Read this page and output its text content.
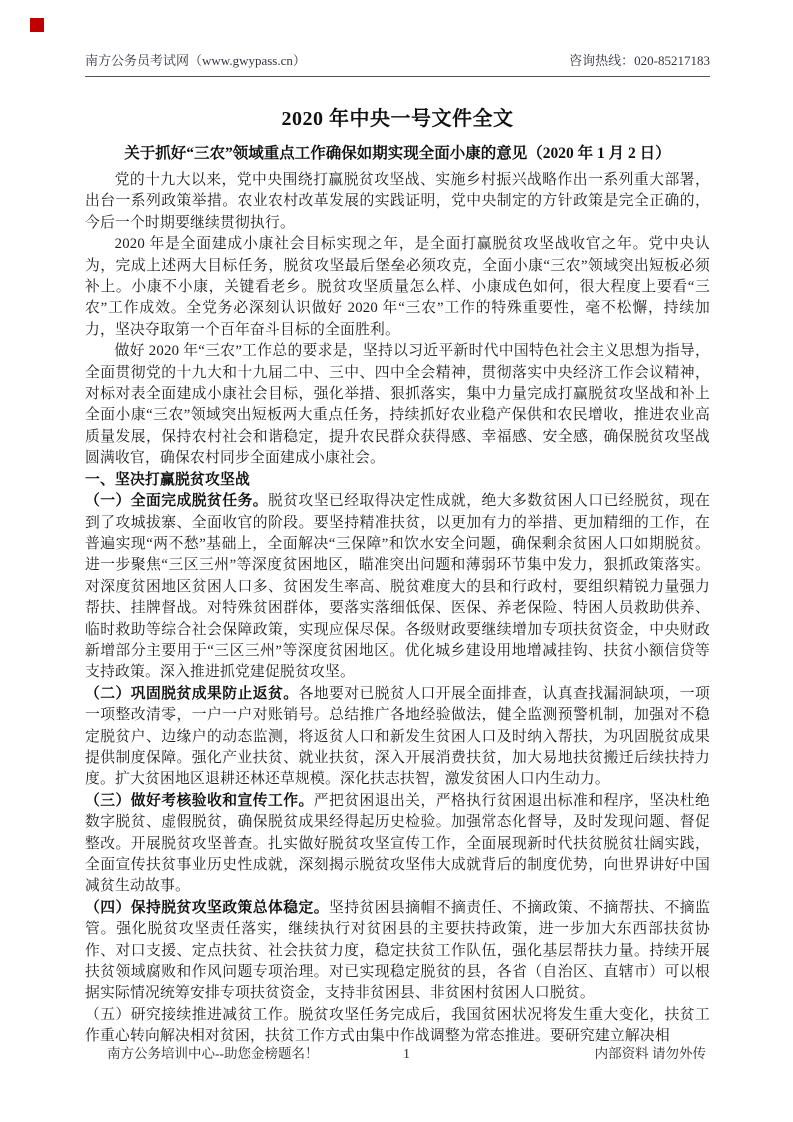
南方公务员考试网（www.gwypass.cn）	咨询热线：020-85217183
2020 年中央一号文件全文
关于抓好“三农”领域重点工作确保如期实现全面小康的意见（2020 年 1 月 2 日）

党的十九大以来，党中央围绕打赢脱贫攻坚战、实施乡村振兴战略作出一系列重大部署，出台一系列政策举措。农业农村改革发展的实践证明，党中央制定的方针政策是完全正确的，今后一个时期要继续贯彻执行。

2020 年是全面建成小康社会目标实现之年，是全面打赢脱贫攻坚战收官之年。党中央认为，完成上述两大目标任务，脱贫攻坚最后堡垒必须攻克，全面小康“三农”领域突出短板必须补上。小康不小康，关键看老乡。脱贫攻坚质量怎么样、小康成色如何，很大程度上要看“三农”工作成效。全党务必深刻认识做好 2020 年“三农”工作的特殊重要性，毫不松懈，持续加力，坚决夺取第一个百年奋斗目标的全面胜利。

做好 2020 年“三农”工作总的要求是，坚持以习近平新时代中国特色社会主义思想为指导，全面贯彻党的十九大和十九届二中、三中、四中全会精神，贯彻落实中央经济工作会议精神，对标对表全面建成小康社会目标，强化举措、狠抓落实，集中力量完成打赢脱贫攻坚战和补上全面小康“三农”领域突出短板两大重点任务，持续抓好农业稳产保供和农民增收，推进农业高质量发展，保持农村社会和谐稳定，提升农民群众获得感、幸福感、安全感，确保脱贫攻坚战圆满收官，确保农村同步全面建成小康社会。

一、坚决打赢脱贫攻坚战

（一）全面完成脱贫任务。脱贫攻坚已经取得决定性成就，绝大多数贫困人口已经脱贫，现在到了攻城拔寨、全面收官的阶段。要坚持精准扶贫，以更加有力的举措、更加精细的工作，在普遍实现“两不愁”基础上，全面解决“三保障”和饮水安全问题，确保剩余贫困人口如期脱贫。进一步聚焦“三区三州”等深度贫困地区，瞄准突出问题和薄弱环节集中发力，狠抓政策落实。对深度贫困地区贫困人口多、贫困发生率高、脱贫难度大的县和行政村，要组织精锐力量强力帮扶、挂牌督战。对特殊贫困群体，要落实落细低保、医保、养老保险、特困人员救助供养、临时救助等综合社会保障政策，实现应保尽保。各级财政要继续增加专项扶贫资金，中央财政新增部分主要用于“三区三州”等深度贫困地区。优化城乡建设用地增减挂钩、扶贫小额信贷等支持政策。深入推进抓党建促脱贫攻坚。

（二）巩固脱贫成果防止返贫。各地要对已脱贫人口开展全面排查，认真查找漏洞缺项，一项一项整改清零，一户一户对账销号。总结推广各地经验做法，健全监测预警机制，加强对不稳定脱贫户、边缘户的动态监测，将返贫人口和新发生贫困人口及时纳入帮扶，为巩固脱贫成果提供制度保障。强化产业扶贫、就业扶贫，深入开展消费扶贫，加大易地扶贫搬迁后续扶持力度。扩大贫困地区退耕还林还草规模。深化扶志扶智，激发贫困人口内生动力。

（三）做好考核验收和宣传工作。严把贫困退出关，严格执行贫困退出标准和程序，坚决杜绝数字脱贫、虚假脱贫，确保脱贫成果经得起历史检验。加强常态化督导，及时发现问题、督促整改。开展脱贫攻坚普查。扎实做好脱贫攻坚宣传工作，全面展现新时代扶贫脱贫壮阔实践，全面宣传扶贫事业历史性成就，深刻揭示脱贫攻坚伟大成就背后的制度优势，向世界讲好中国减贫生动故事。

（四）保持脱贫攻坚政策总体稳定。坚持贫困县摘帽不摘责任、不摘政策、不摘帮扶、不摘监管。强化脱贫攻坚责任落实，继续执行对贫困县的主要扶持政策，进一步加大东西部扶贫协作、对口支援、定点扶贫、社会扶贫力度，稳定扶贫工作队伍，强化基层帮扶力量。持续开展扶贫领域腐败和作风问题专项治理。对已实现稳定脱贫的县，各省（自治区、直辖市）可以根据实际情况统筹安排专项扶贫资金，支持非贫困县、非贫困村贫困人口脱贫。

（五）研究接续推进减贫工作。脱贫攻坚任务完成后，我国贫困状况将发生重大变化，扶贫工作重心转向解决相对贫困，扶贫工作方式由集中作战调整为常态推进。要研究建立解决相

南方公务培训中心--助您金榜题名！	1	内部资料 请勿外传
